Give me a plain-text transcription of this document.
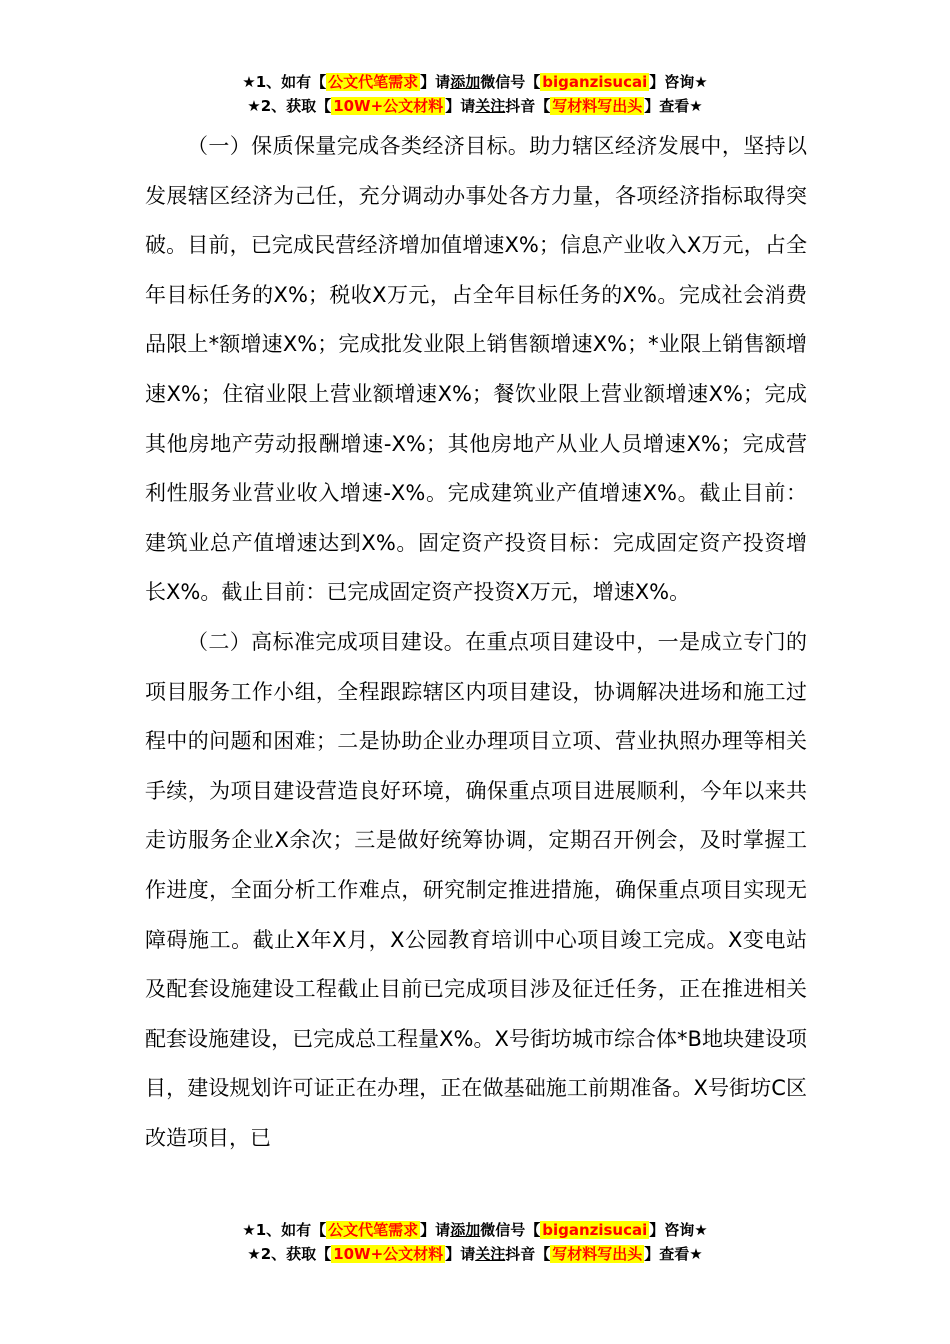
★1、如有【 公文代笔需求 】请添加微信号【 biganzisucai 】咨询★
★2、获取【 10W+公文材料 】请关注抖音【 写材料写出头 】查看★

（一）保质保量完成各类经济目标。助力辖区经济发展中，坚持以发展辖区经济为己任，充分调动办事处各方力量，各项经济指标取得突破。目前，已完成民营经济增加值增速X%；信息产业收入X万元，占全年目标任务的X%；税收X万元，占全年目标任务的X%。完成社会消费品限上*额增速X%；完成批发业限上销售额增速X%；*业限上销售额增速X%；住宿业限上营业额增速X%；餐饮业限上营业额增速X%；完成其他房地产劳动报酬增速-X%；其他房地产从业人员增速X%；完成营利性服务业营业收入增速-X%。完成建筑业产值增速X%。截止目前：建筑业总产值增速达到X%。固定资产投资目标：完成固定资产投资增长X%。截止目前：已完成固定资产投资X万元，增速X%。

（二）高标准完成项目建设。在重点项目建设中，一是成立专门的项目服务工作小组，全程跟踪辖区内项目建设，协调解决进场和施工过程中的问题和困难；二是协助企业办理项目立项、营业执照办理等相关手续，为项目建设营造良好环境，确保重点项目进展顺利，今年以来共走访服务企业X余次；三是做好统筹协调，定期召开例会，及时掌握工作进度，全面分析工作难点，研究制定推进措施，确保重点项目实现无障碍施工。截止X年X月，X公园教育培训中心项目竣工完成。X变电站及配套设施建设工程截止目前已完成项目涉及征迁任务，正在推进相关配套设施建设，已完成总工程量X%。X号街坊城市综合体*B地块建设项目，建设规划许可证正在办理，正在做基础施工前期准备。X号街坊C区改造项目，已

★1、如有【 公文代笔需求 】请添加微信号【 biganzisucai 】咨询★
★2、获取【 10W+公文材料 】请关注抖音【 写材料写出头 】查看★
